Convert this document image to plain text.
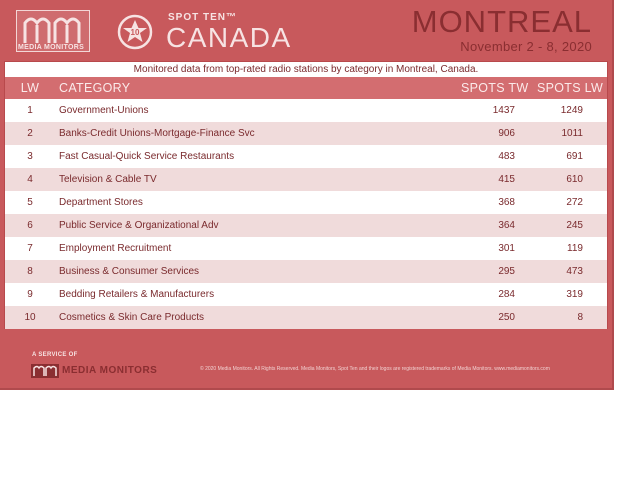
MEDIA MONITORS
10
SPOT TEN™
CANADA	MONTREAL
November 2 - 8, 2020
Monitored data from top-rated radio stations by category in Montreal, Canada.
LW	CATEGORY	SPOTS TW SPOTS LW
1	Government-Unions	1437	1249
2	Banks-Credit Unions-Mortgage-Finance Svc	906	1011
3	Fast Casual-Quick Service Restaurants	483	691
4	Television & Cable TV	415	610
5	Department Stores	368	272
6	Public Service & Organizational Adv	364	245
7	Employment Recruitment	301	119
8	Business & Consumer Services	295	473
9	Bedding Retailers & Manufacturers	284	319
10	Cosmetics & Skin Care Products	250	8
A SERVICE OF
MEDIA MONITORS	© 2020 Media Monitors. All Rights Reserved. Media Monitors, Spot Ten and their logos are registered trademarks of Media Monitors. www.mediamonitors.com
